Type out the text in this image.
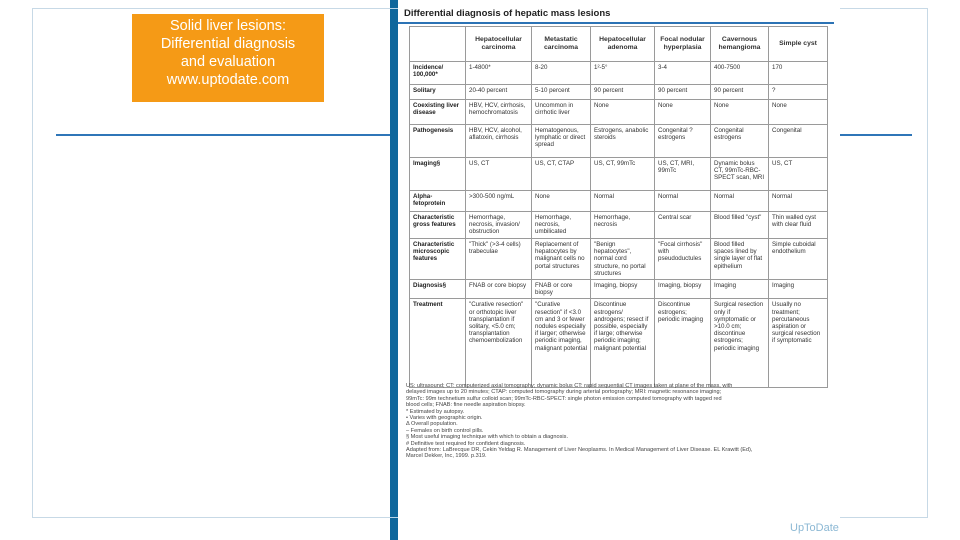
Solid liver lesions:
Differential diagnosis
and evaluation
www.uptodate.com
Differential diagnosis of hepatic mass lesions
	Hepatocellular carcinoma	Metastatic carcinoma	Hepatocellular adenoma	Focal nodular hyperplasia	Cavernous hemangioma	Simple cyst
Incidence/ 100,000*	1-4800*	8-20	1²-5°	3-4	400-7500	170
Solitary	20-40 percent	5-10 percent	90 percent	90 percent	90 percent	?
Coexisting liver disease	HBV, HCV, cirrhosis, hemochromatosis	Uncommon in cirrhotic liver	None	None	None	None
Pathogenesis	HBV, HCV, alcohol, aflatoxin, cirrhosis	Hematogenous, lymphatic or direct spread	Estrogens, anabolic steroids	Congenital ? estrogens	Congenital estrogens	Congenital
Imaging§	US, CT	US, CT, CTAP	US, CT, 99mTc	US, CT, MRI, 99mTc	Dynamic bolus CT, 99mTc-RBC-SPECT scan, MRI	US, CT
Alpha-fetoprotein	>300-500 ng/mL	None	Normal	Normal	Normal	Normal
Characteristic gross features	Hemorrhage, necrosis, invasion/ obstruction	Hemorrhage, necrosis, umbilicated	Hemorrhage, necrosis	Central scar	Blood filled "cyst"	Thin walled cyst with clear fluid
Characteristic microscopic features	"Thick" (>3-4 cells) trabeculae	Replacement of hepatocytes by malignant cells no portal structures	"Benign hepatocytes", normal cord structure, no portal structures	"Focal cirrhosis" with pseudoductules	Blood filled spaces lined by single layer of flat epithelium	Simple cuboidal endothelium
Diagnosis§	FNAB or core biopsy	FNAB or core biopsy	Imaging, biopsy	Imaging, biopsy	Imaging	Imaging
Treatment	"Curative resection" or orthotopic liver transplantation if solitary, <5.0 cm; transplantation chemoembolization	"Curative resection" if <3.0 cm and 3 or fewer nodules especially if larger; otherwise periodic imaging, malignant potential	Discontinue estrogens/ androgens; resect if possible, especially if large; otherwise periodic imaging; malignant potential	Discontinue estrogens; periodic imaging	Surgical resection only if symptomatic or >10.0 cm; discontinue estrogens; periodic imaging	Usually no treatment; percutaneous aspiration or surgical resection if symptomatic
US: ultrasound; CT: computerized axial tomography; dynamic bolus CT: rapid sequential CT images taken at plane of the mass, with
delayed images up to 20 minutes; CTAP: computed tomography during arterial portography; MRI: magnetic resonance imaging;
99mTc: 99m technetium sulfur colloid scan; 99mTc-RBC-SPECT: single photon emission computed tomography with tagged red
blood cells; FNAB: fine needle aspiration biopsy.
* Estimated by autopsy.
• Varies with geographic origin.
Δ Overall population.
– Females on birth control pills.
§ Most useful imaging technique with which to obtain a diagnosis.
# Definitive test required for confident diagnosis.
Adapted from: LaBrecque DR, Cekin Yeldag R. Management of Liver Neoplasms. In Medical Management of Liver Disease. EL Krawitt (Ed),
Marcel Dekker, Inc, 1999. p.319.
UpToDate
